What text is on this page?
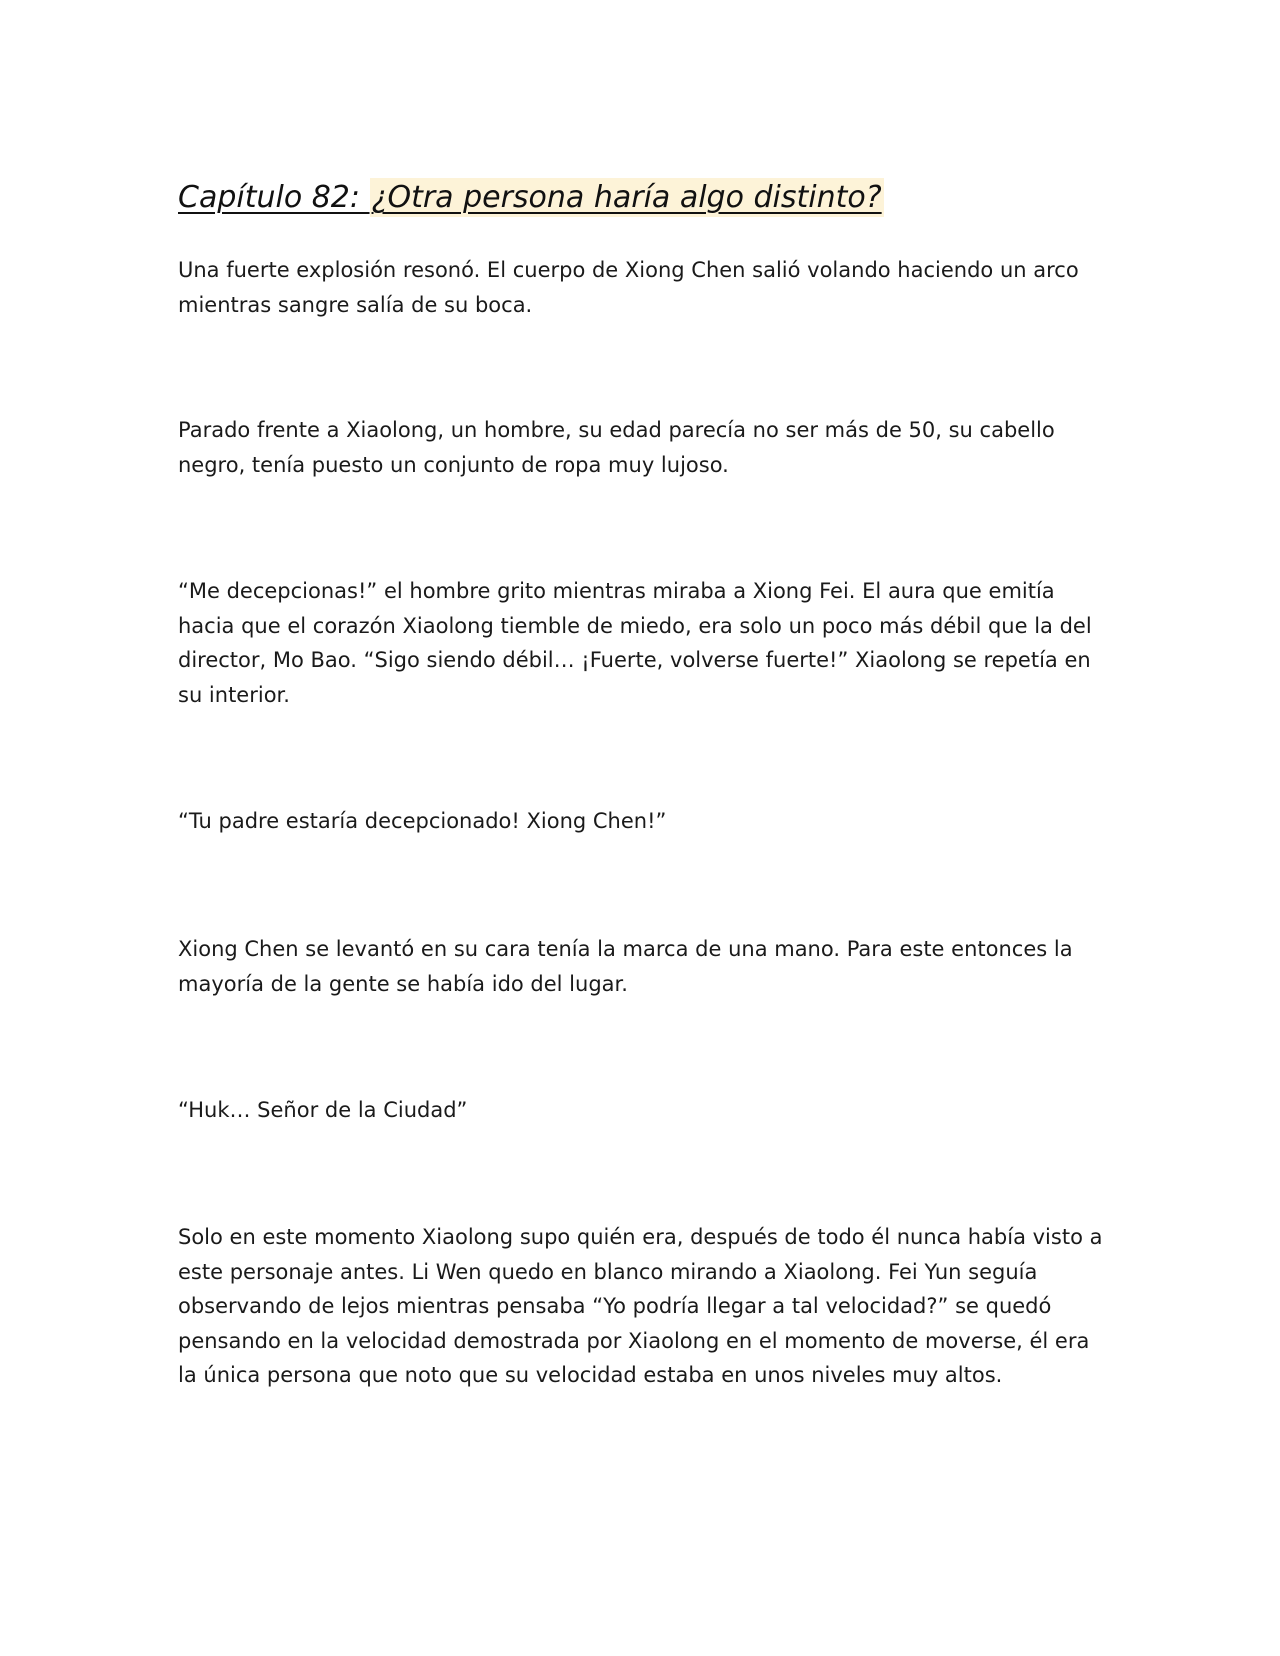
Capítulo 82: ¿Otra persona haría algo distinto?

Una fuerte explosión resonó. El cuerpo de Xiong Chen salió volando haciendo un arco mientras sangre salía de su boca.

Parado frente a Xiaolong, un hombre, su edad parecía no ser más de 50, su cabello negro, tenía puesto un conjunto de ropa muy lujoso.

“Me decepcionas!” el hombre grito mientras miraba a Xiong Fei. El aura que emitía hacia que el corazón Xiaolong tiemble de miedo, era solo un poco más débil que la del director, Mo Bao. “Sigo siendo débil… ¡Fuerte, volverse fuerte!” Xiaolong se repetía en su interior.

“Tu padre estaría decepcionado! Xiong Chen!”

Xiong Chen se levantó en su cara tenía la marca de una mano. Para este entonces la mayoría de la gente se había ido del lugar.

“Huk… Señor de la Ciudad”

Solo en este momento Xiaolong supo quién era, después de todo él nunca había visto a este personaje antes. Li Wen quedo en blanco mirando a Xiaolong. Fei Yun seguía observando de lejos mientras pensaba “Yo podría llegar a tal velocidad?” se quedó pensando en la velocidad demostrada por Xiaolong en el momento de moverse, él era la única persona que noto que su velocidad estaba en unos niveles muy altos.
